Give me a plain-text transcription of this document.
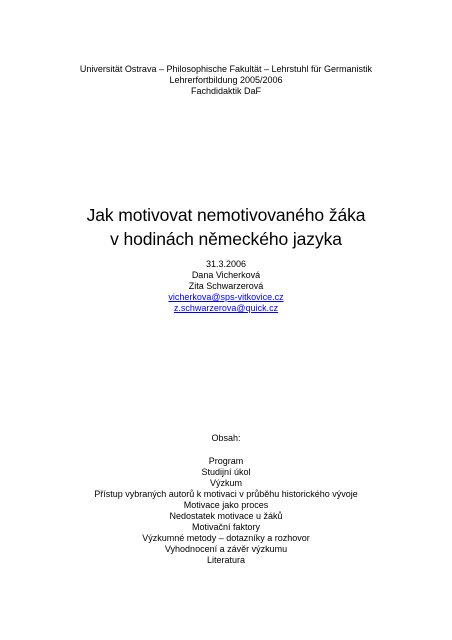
Universität Ostrava – Philosophische Fakultät – Lehrstuhl für Germanistik
Lehrerfortbildung 2005/2006
Fachdidaktik DaF
Jak motivovat nemotivovaného žáka
v hodinách německého jazyka
31.3.2006
Dana Vicherková
Zita Schwarzerová
vicherkova@sps-vitkovice.cz
z.schwarzerova@quick.cz
Obsah:
Program
Studijní úkol
Výzkum
Přístup vybraných autorů k motivaci v průběhu historického vývoje
Motivace jako proces
Nedostatek motivace u žáků
Motivační faktory
Výzkumné metody – dotazníky a rozhovor
Vyhodnocení a závěr výzkumu
Literatura
